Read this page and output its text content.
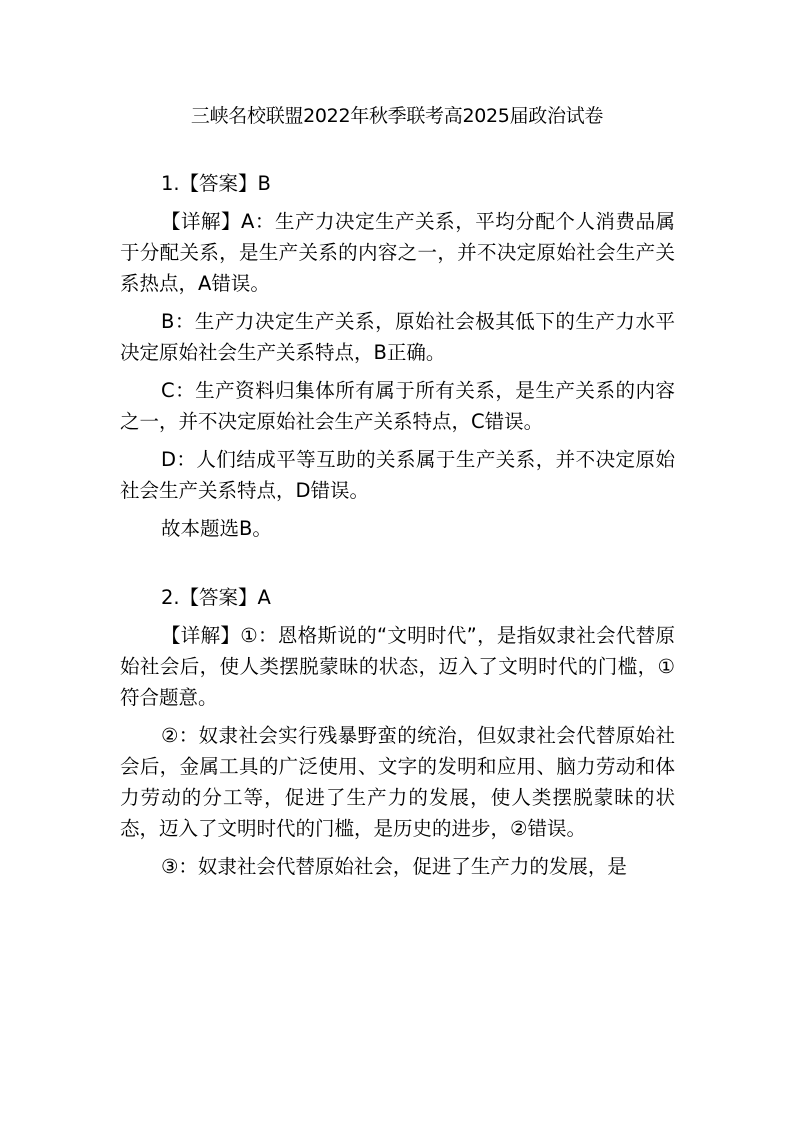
三峡名校联盟2022年秋季联考高2025届政治试卷

1.【答案】B

【详解】A：生产力决定生产关系，平均分配个人消费品属于分配关系，是生产关系的内容之一，并不决定原始社会生产关系热点，A错误。

B：生产力决定生产关系，原始社会极其低下的生产力水平决定原始社会生产关系特点，B正确。

C：生产资料归集体所有属于所有关系，是生产关系的内容之一，并不决定原始社会生产关系特点，C错误。

D：人们结成平等互助的关系属于生产关系，并不决定原始社会生产关系特点，D错误。

故本题选B。

2.【答案】A

【详解】①：恩格斯说的“文明时代”，是指奴隶社会代替原始社会后，使人类摆脱蒙昧的状态，迈入了文明时代的门槛，①符合题意。

②：奴隶社会实行残暴野蛮的统治，但奴隶社会代替原始社会后，金属工具的广泛使用、文字的发明和应用、脑力劳动和体力劳动的分工等，促进了生产力的发展，使人类摆脱蒙昧的状态，迈入了文明时代的门槛，是历史的进步，②错误。

③：奴隶社会代替原始社会，促进了生产力的发展，是
